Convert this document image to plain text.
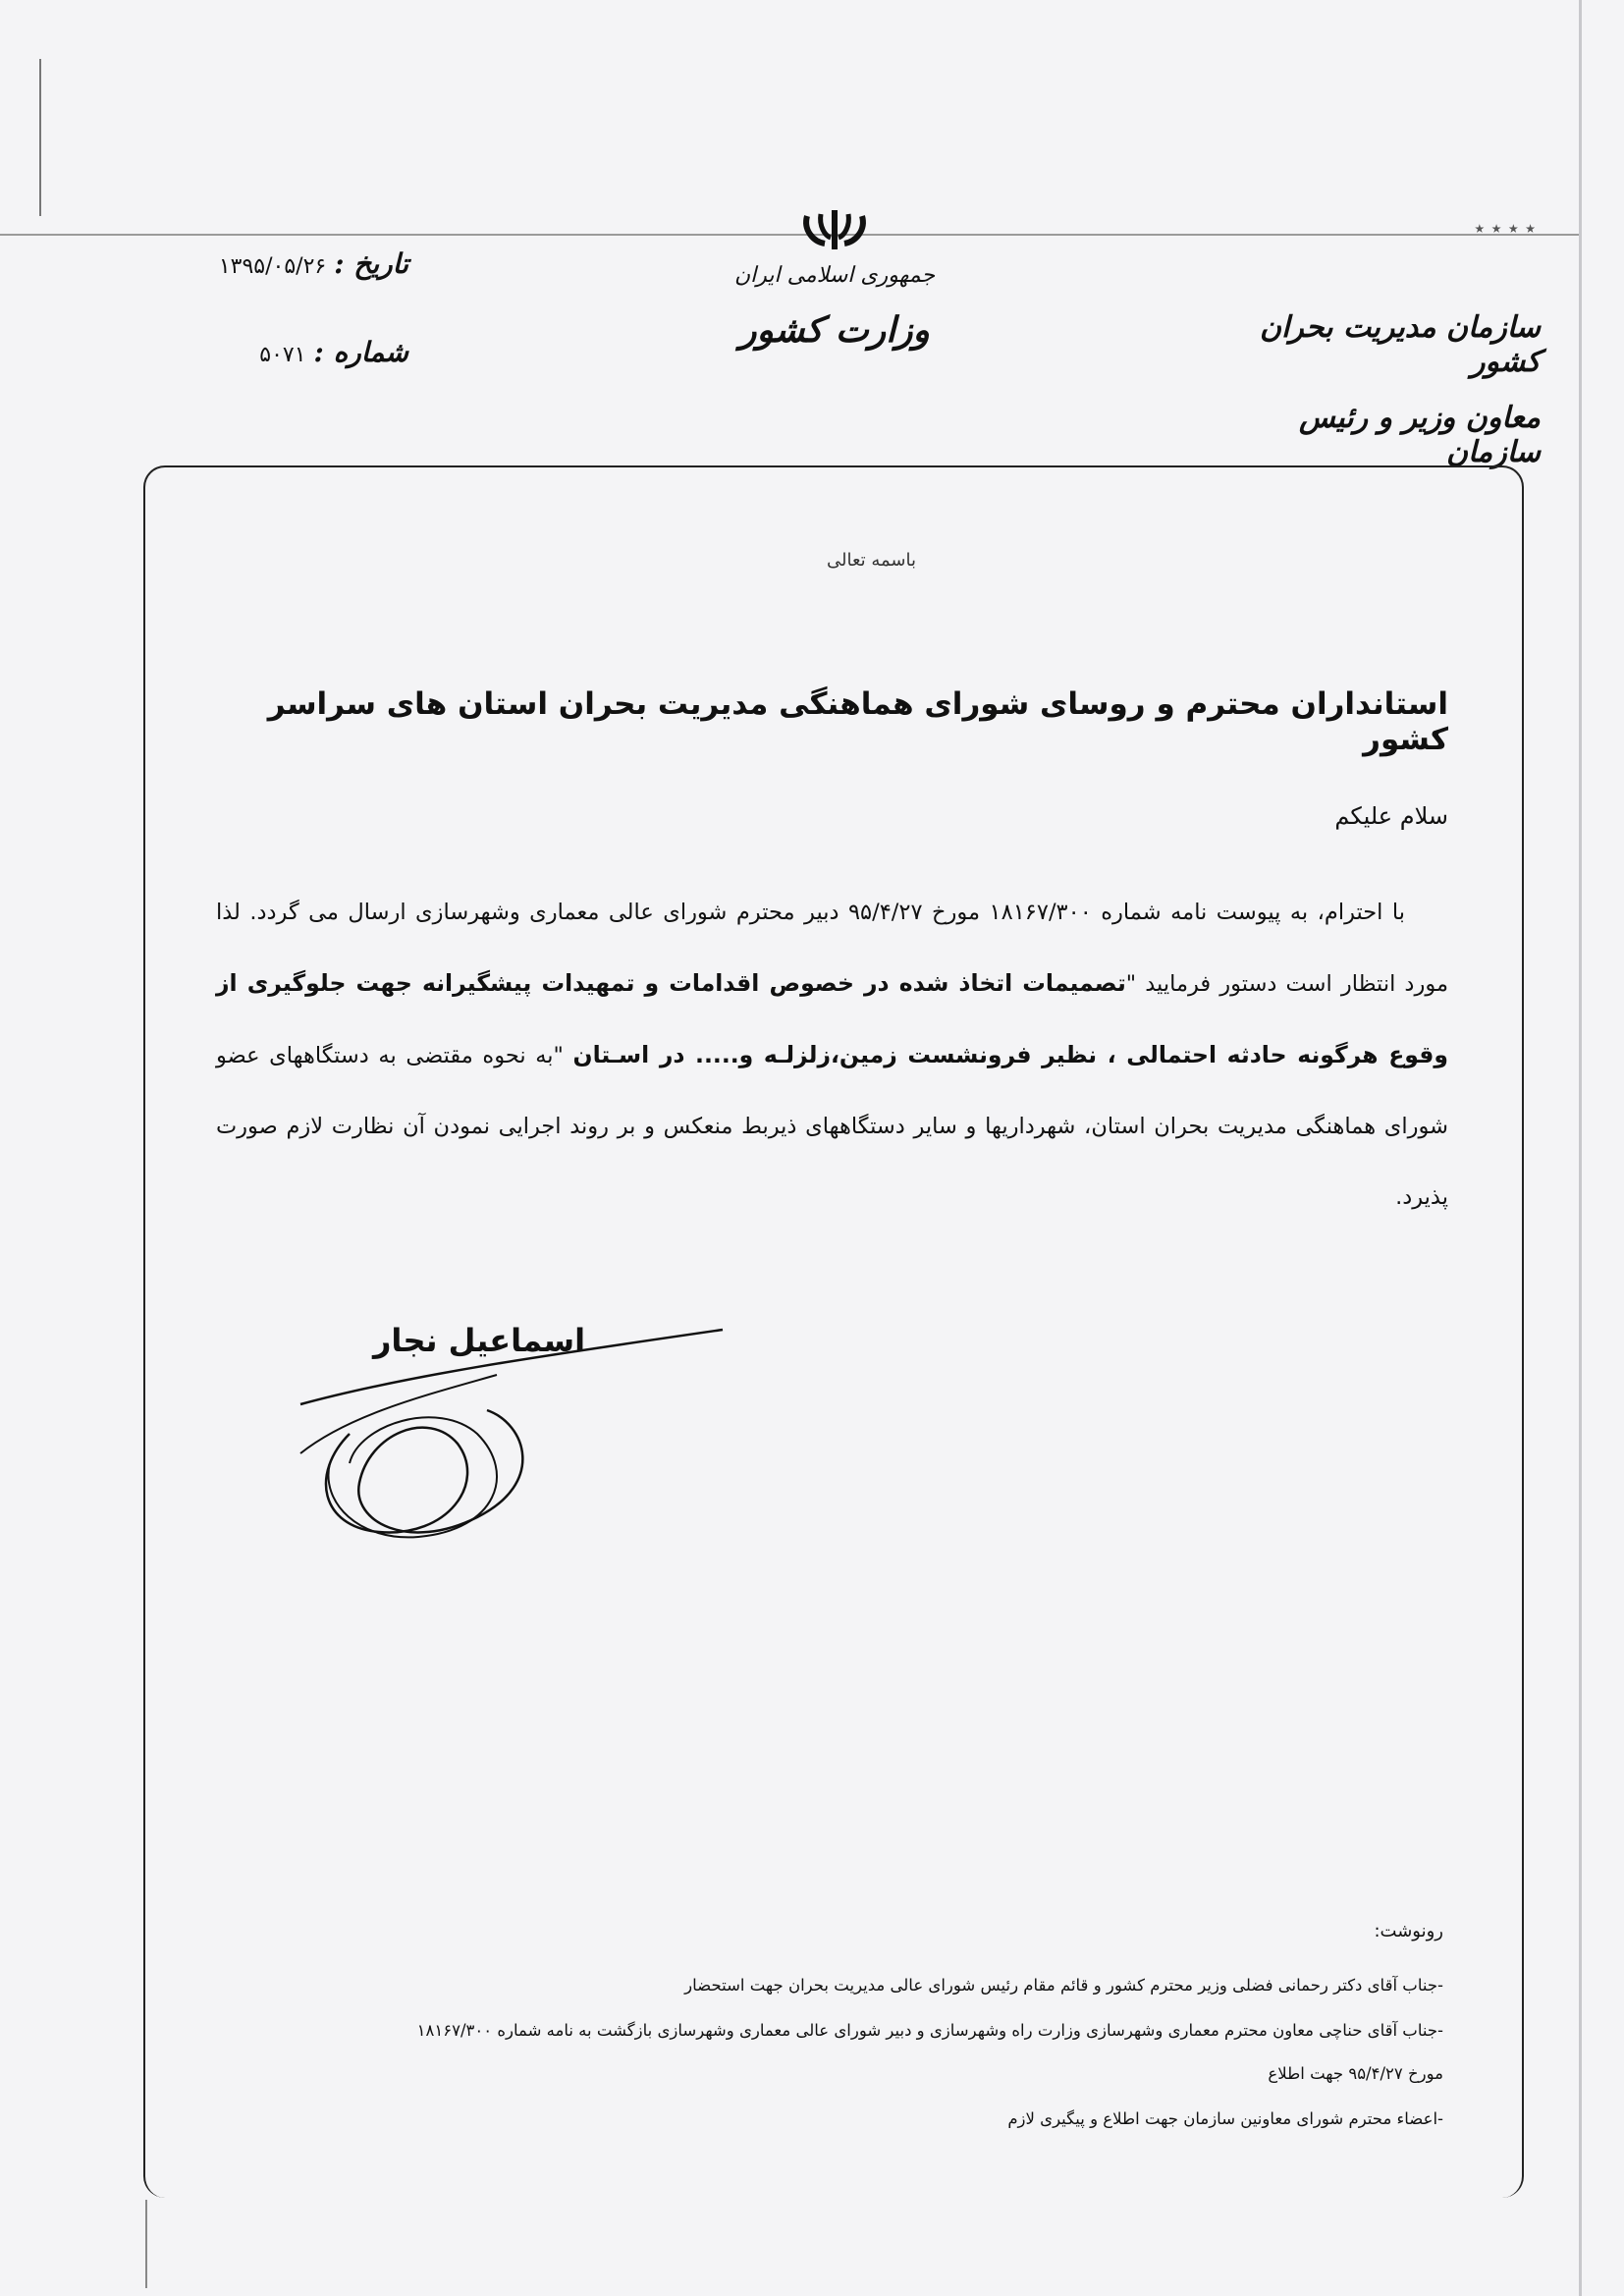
جمهوری اسلامی ایران
وزارت کشور
٭ ٭ ٭ ٭
سازمان مدیریت بحران کشور
معاون وزیر و رئیس سازمان
تاریخ :
۱۳۹۵/۰۵/۲۶
شماره :
۵۰۷۱
باسمه تعالی
استانداران محترم و روسای شورای هماهنگی مدیریت بحران استان های سراسر کشور
سلام علیکم

با احترام، به پیوست نامه شماره ۱۸۱۶۷/۳۰۰ مورخ ۹۵/۴/۲۷ دبیر محترم شورای عالی معماری وشهرسازی ارسال می گردد. لذا مورد انتظار است دستور فرمایید "تصمیمات اتخاذ شده در خصوص اقدامات و تمهیدات پیشگیرانه جهت جلوگیری از وقوع هرگونه حادثه احتمالی ، نظیر فرونشست زمین،زلزلـه و..... در اسـتان "به نحوه مقتضی به دستگاههای عضو شورای هماهنگی مدیریت بحران استان، شهرداریها و سایر دستگاههای ذیربط منعکس و بر روند اجرایی نمودن آن نظارت لازم صورت پذیرد.

اسماعیل نجار
رونوشت:
-جناب آقای دکتر رحمانی فضلی وزیر محترم کشور و قائم مقام رئیس شورای عالی مدیریت بحران جهت استحضار
-جناب آقای حناچی معاون محترم معماری وشهرسازی وزارت راه وشهرسازی و دبیر شورای عالی معماری وشهرسازی بازگشت به نامه شماره ۱۸۱۶۷/۳۰۰
مورخ ۹۵/۴/۲۷ جهت اطلاع
-اعضاء محترم شورای معاونین سازمان جهت اطلاع و پیگیری لازم
